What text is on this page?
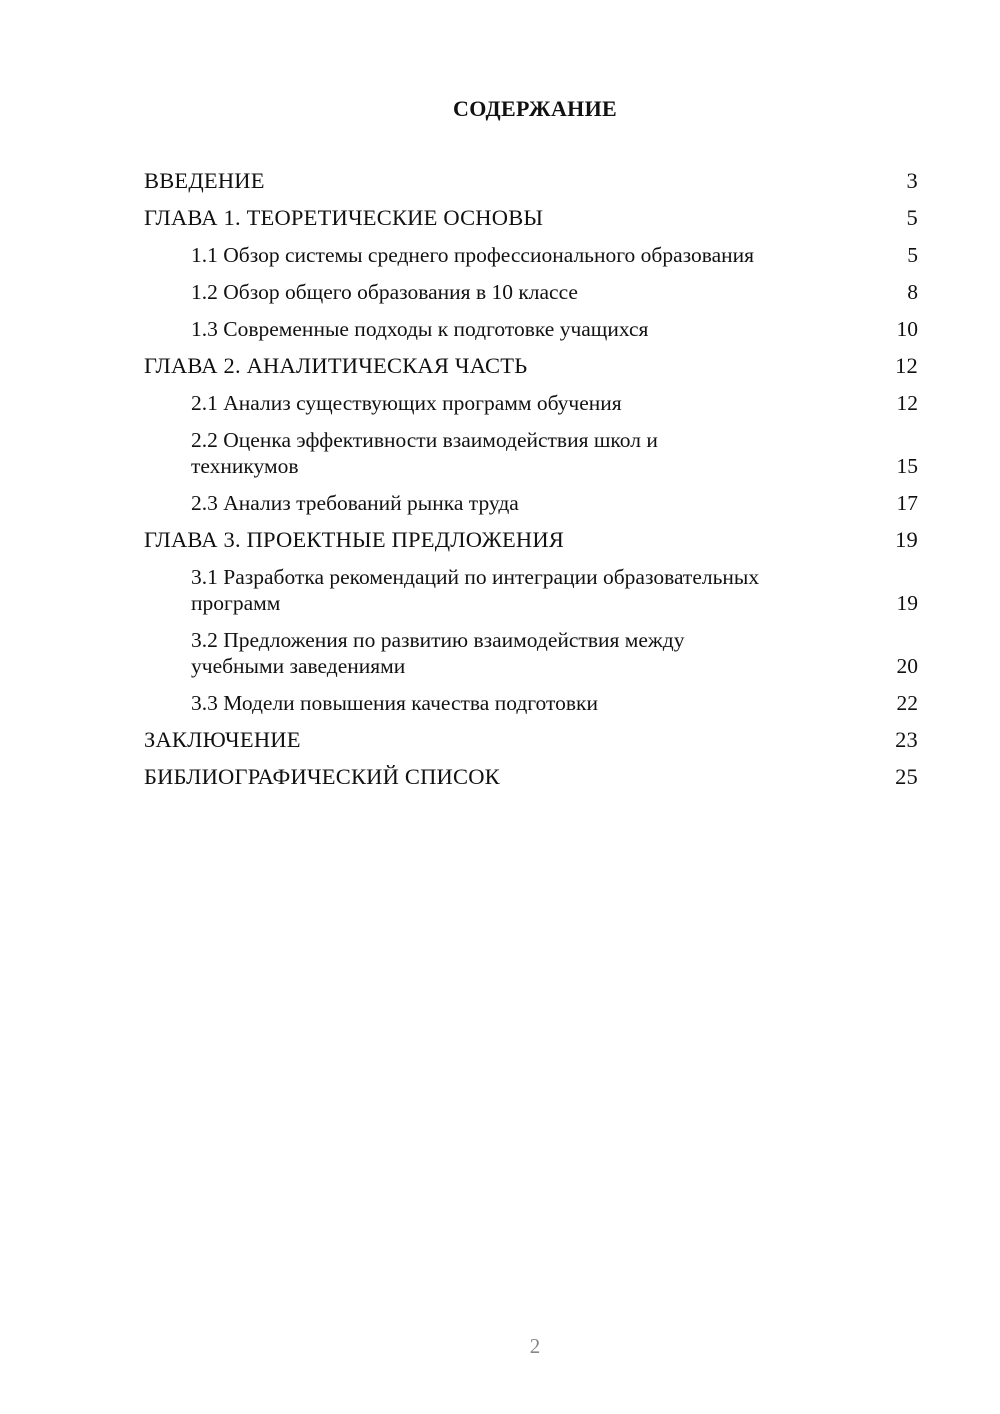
СОДЕРЖАНИЕ
ВВЕДЕНИЕ	3
ГЛАВА 1. ТЕОРЕТИЧЕСКИЕ ОСНОВЫ	5
1.1 Обзор системы среднего профессионального образования	5
1.2 Обзор общего образования в 10 классе	8
1.3 Современные подходы к подготовке учащихся	10
ГЛАВА 2. АНАЛИТИЧЕСКАЯ ЧАСТЬ	12
2.1 Анализ существующих программ обучения	12
2.2 Оценка эффективности взаимодействия школ и техникумов	15
2.3 Анализ требований рынка труда	17
ГЛАВА 3. ПРОЕКТНЫЕ ПРЕДЛОЖЕНИЯ	19
3.1 Разработка рекомендаций по интеграции образовательных программ	19
3.2 Предложения по развитию взаимодействия между учебными заведениями	20
3.3 Модели повышения качества подготовки	22
ЗАКЛЮЧЕНИЕ	23
БИБЛИОГРАФИЧЕСКИЙ СПИСОК	25
2
